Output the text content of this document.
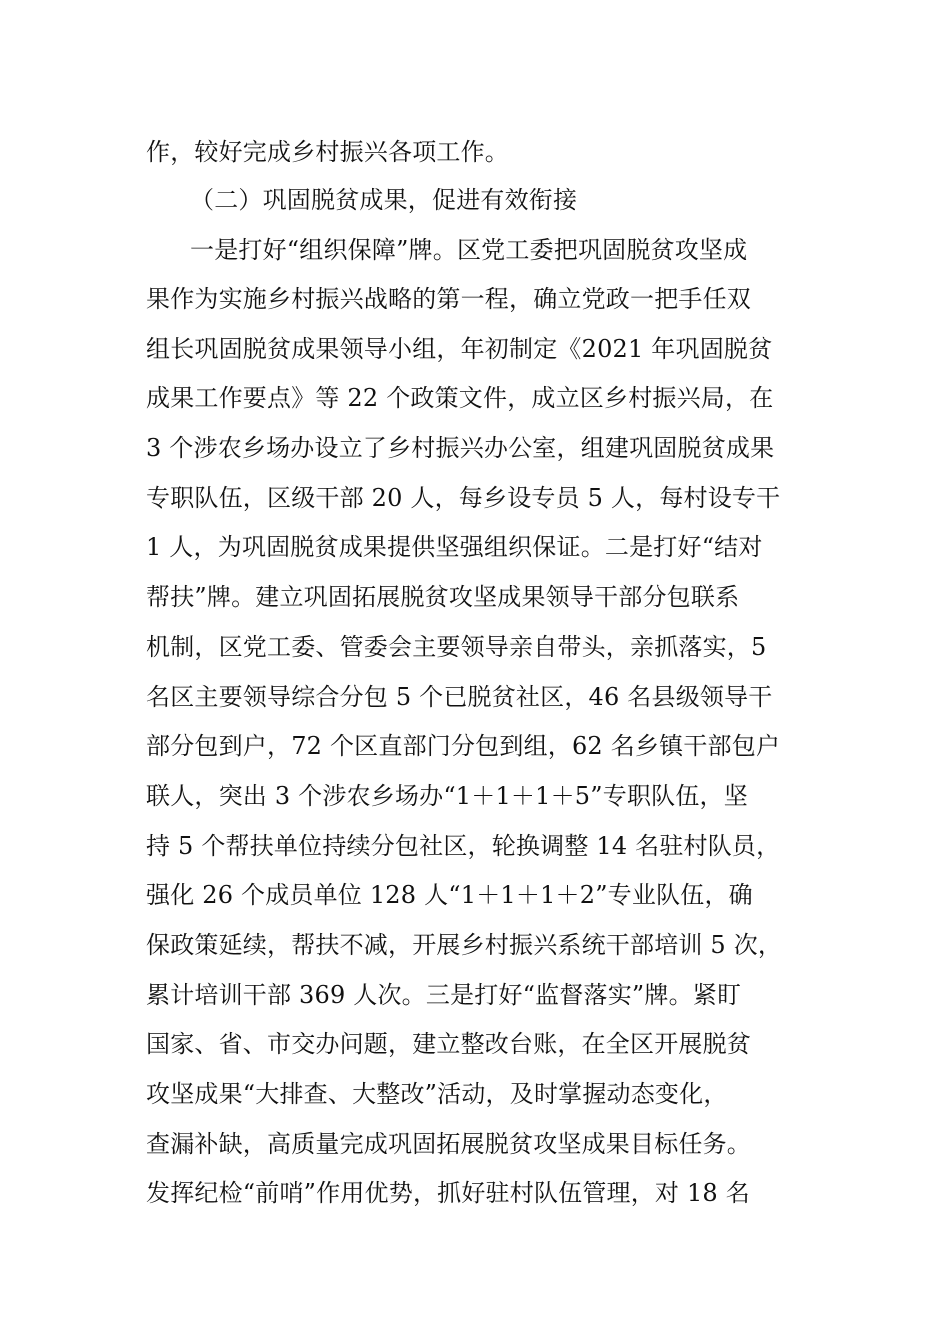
作，较好完成乡村振兴各项工作。
（二）巩固脱贫成果，促进有效衔接
一是打好“组织保障”牌。区党工委把巩固脱贫攻坚成
果作为实施乡村振兴战略的第一程，确立党政一把手任双
组长巩固脱贫成果领导小组，年初制定《2021 年巩固脱贫
成果工作要点》等 22 个政策文件，成立区乡村振兴局，在
3 个涉农乡场办设立了乡村振兴办公室，组建巩固脱贫成果
专职队伍，区级干部 20 人，每乡设专员 5 人，每村设专干
1 人，为巩固脱贫成果提供坚强组织保证。二是打好“结对
帮扶”牌。建立巩固拓展脱贫攻坚成果领导干部分包联系
机制，区党工委、管委会主要领导亲自带头，亲抓落实，5
名区主要领导综合分包 5 个已脱贫社区，46 名县级领导干
部分包到户，72 个区直部门分包到组，62 名乡镇干部包户
联人，突出 3 个涉农乡场办“1＋1＋1＋5”专职队伍，坚
持 5 个帮扶单位持续分包社区，轮换调整 14 名驻村队员，
强化 26 个成员单位 128 人“1＋1＋1＋2”专业队伍，确
保政策延续，帮扶不减，开展乡村振兴系统干部培训 5 次，
累计培训干部 369 人次。三是打好“监督落实”牌。紧盯
国家、省、市交办问题，建立整改台账，在全区开展脱贫
攻坚成果“大排查、大整改”活动，及时掌握动态变化，
查漏补缺，高质量完成巩固拓展脱贫攻坚成果目标任务。
发挥纪检“前哨”作用优势，抓好驻村队伍管理，对 18 名
